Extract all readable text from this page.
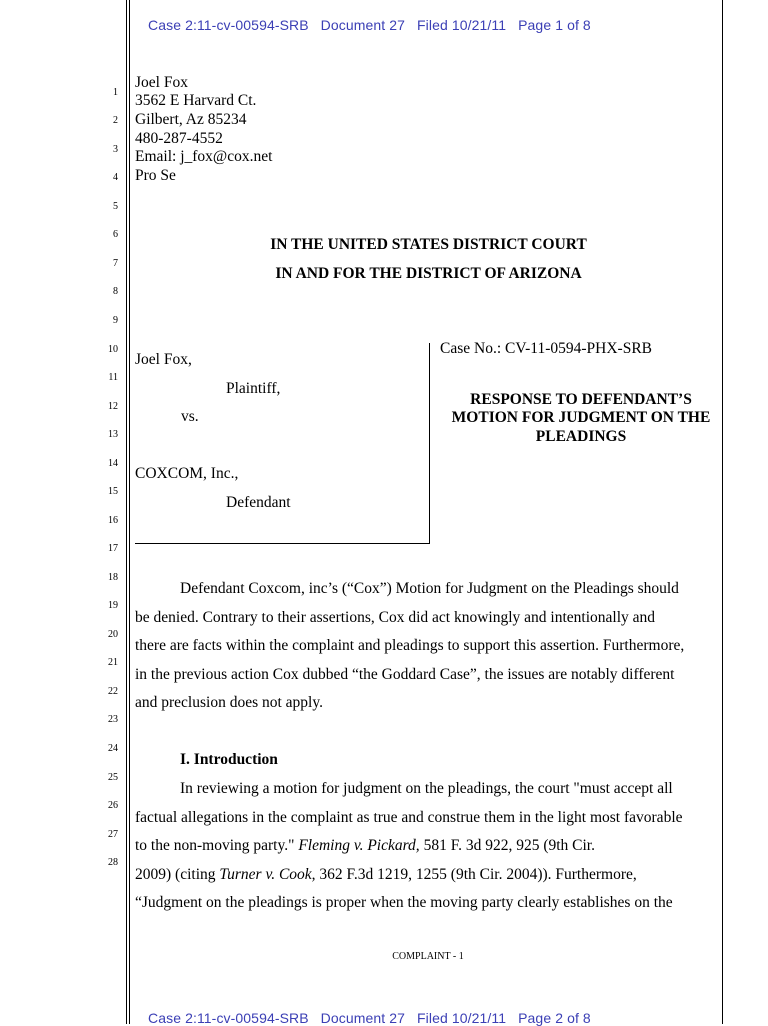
Case 2:11-cv-00594-SRB Document 27 Filed 10/21/11 Page 1 of 8
1
2
3
4
5
6
7
8
9
10
11
12
13
14
15
16
17
18
19
20
21
22
23
24
25
26
27
28
Joel Fox
3562 E Harvard Ct.
Gilbert, Az 85234
480-287-4552
Email: j_fox@cox.net
Pro Se
IN THE UNITED STATES DISTRICT COURT
IN AND FOR THE DISTRICT OF ARIZONA
Joel Fox,
Plaintiff,
vs.
COXCOM, Inc.,
Defendant
Case No.: CV-11-0594-PHX-SRB
RESPONSE TO DEFENDANT’S
MOTION FOR JUDGMENT ON THE
PLEADINGS

Defendant Coxcom, inc’s (“Cox”) Motion for Judgment on the Pleadings should

be denied. Contrary to their assertions, Cox did act knowingly and intentionally and

there are facts within the complaint and pleadings to support this assertion. Furthermore,

in the previous action Cox dubbed “the Goddard Case”, the issues are notably different

and preclusion does not apply.

I. Introduction

In reviewing a motion for judgment on the pleadings, the court "must accept all

factual allegations in the complaint as true and construe them in the light most favorable

to the non-moving party." Fleming v. Pickard, 581 F. 3d 922, 925 (9th Cir.

2009) (citing Turner v. Cook, 362 F.3d 1219, 1255 (9th Cir. 2004)). Furthermore,

“Judgment on the pleadings is proper when the moving party clearly establishes on the

COMPLAINT - 1
Case 2:11-cv-00594-SRB Document 27 Filed 10/21/11 Page 2 of 8
